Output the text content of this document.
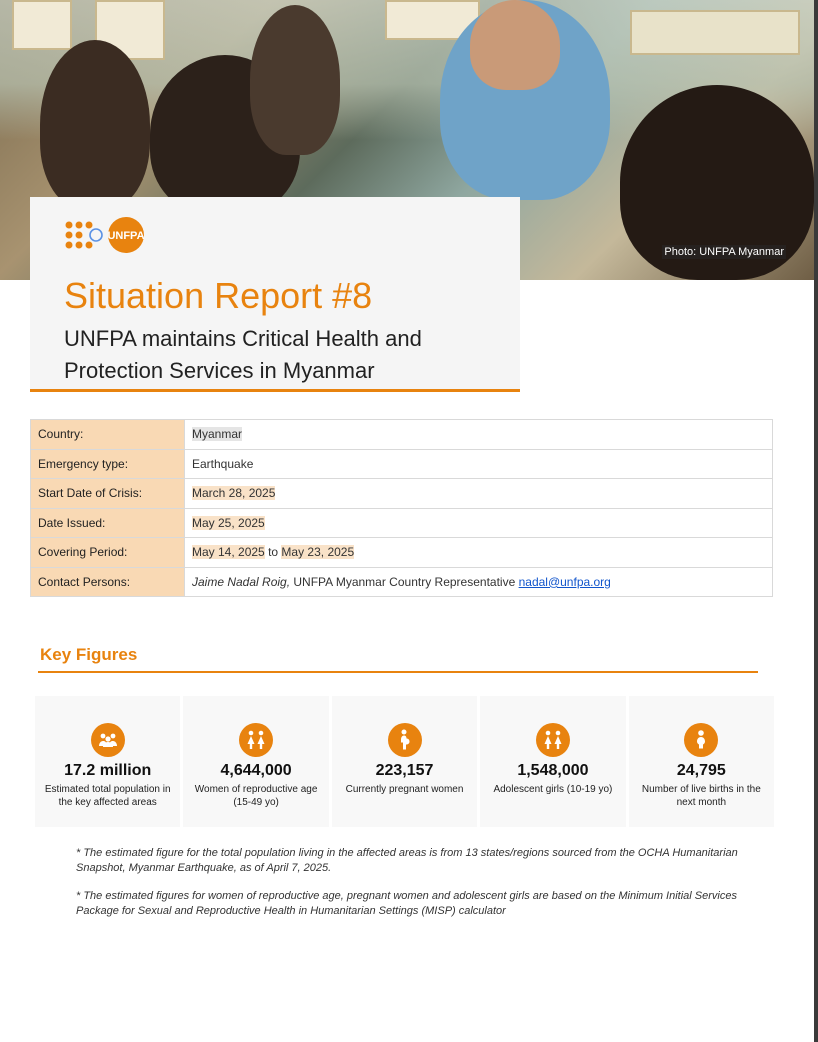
Photo: UNFPA Myanmar
UNFPA
Situation Report #8
UNFPA maintains Critical Health and Protection Services in Myanmar
Country:	Myanmar
Emergency type:	Earthquake
Start Date of Crisis:	March 28, 2025
Date Issued:	May 25, 2025
Covering Period:	May 14, 2025 to May 23, 2025
Contact Persons:	Jaime Nadal Roig, UNFPA Myanmar Country Representative nadal@unfpa.org
Key Figures
17.2 million
Estimated total population in the key affected areas
4,644,000
Women of reproductive age (15-49 yo)
223,157
Currently pregnant women
1,548,000
Adolescent girls (10-19 yo)
24,795
Number of live births in the next month
* The estimated figure for the total population living in the affected areas is from 13 states/regions sourced from the OCHA Humanitarian Snapshot, Myanmar Earthquake, as of April 7, 2025.
* The estimated figures for women of reproductive age, pregnant women and adolescent girls are based on the Minimum Initial Services Package for Sexual and Reproductive Health in Humanitarian Settings (MISP) calculator
